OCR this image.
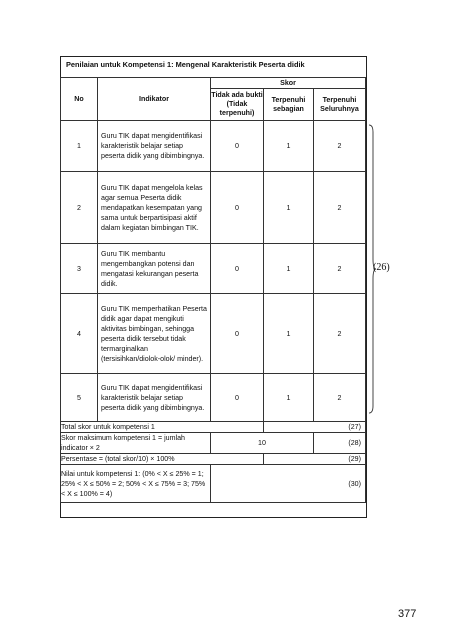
Penilaian untuk Kompetensi 1: Mengenal Karakteristik Peserta didik
No	Indikator	Skor		
		Tidak ada bukti (Tidak terpenuhi)	Terpenuhi sebagian	Terpenuhi Seluruhnya
1	Guru TIK dapat mengidentifikasi karakteristik belajar setiap peserta didik yang dibimbingnya.	0	1	2
2	Guru TIK dapat mengelola kelas agar semua Peserta didik mendapatkan kesempatan yang sama untuk berpartisipasi aktif dalam kegiatan bimbingan TIK.	0	1	2
3	Guru TIK membantu mengembangkan potensi dan mengatasi kekurangan peserta didik.	0	1	2
4	Guru TIK memperhatikan Peserta didik agar dapat mengikuti aktivitas bimbingan, sehingga peserta didik tersebut tidak termarginalkan (tersisihkan/diolok-olok/ minder).	0	1	2
5	Guru TIK dapat mengidentifikasi karakteristik belajar setiap peserta didik yang dibimbingnya.	0	1	2
Total skor untuk kompetensi 1			(27)	
Skor maksimum kompetensi 1 = jumlah indicator × 2		10		(28)
Persentase = (total skor/10) × 100%			(29)	
Nilai untuk kompetensi 1: (0% < X ≤ 25% = 1; 25% < X ≤ 50% = 2; 50% < X ≤ 75% = 3; 75% < X ≤ 100% = 4)		(30)		
(26)
377
